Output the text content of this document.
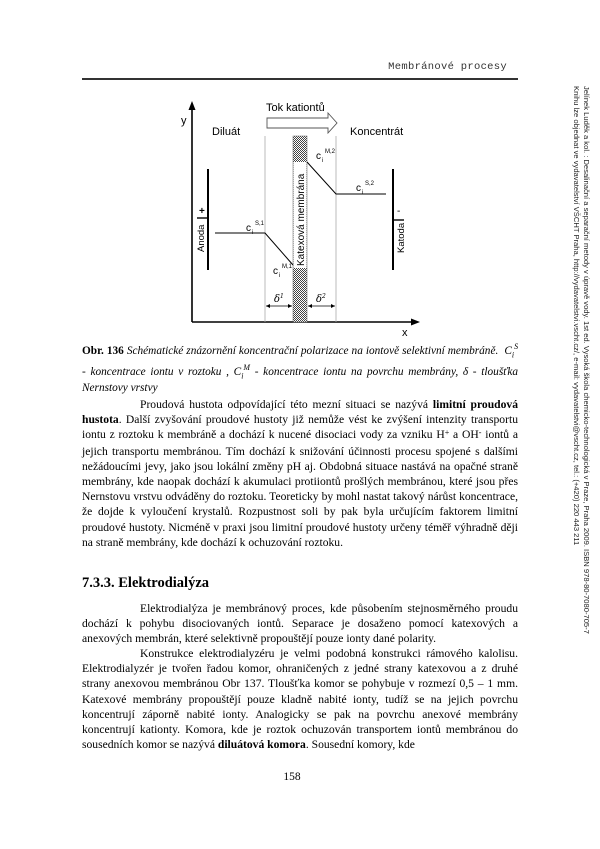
Membránové procesy
y
x
Tok kationtů
Diluát	Koncentrát
Katexová membrána
c i
S,1
c i
M,1
c i
M,2
c i
S,2
+
Anoda
-
Katoda
$\delta^1$	$\delta^2$
Obr. 136 Schématické znázornění koncentrační polarizace na iontově selektivní membráně. $C_i^S$ - koncentrace iontu v roztoku , $C_i^M$ - koncentrace iontu na povrchu membrány, δ - tloušťka Nernstovy vrstvy

Proudová hustota odpovídající této mezní situaci se nazývá limitní proudová hustota. Další zvyšování proudové hustoty již nemůže vést ke zvýšení intenzity transportu iontu z roztoku k membráně a dochází k nucené disociaci vody za vzniku H+ a OH- iontů a jejich transportu membránou. Tím dochází k snižování účinnosti procesu spojené s dalšími nežádoucími jevy, jako jsou lokální změny pH aj. Obdobná situace nastává na opačné straně membrány, kde naopak dochází k akumulaci protiiontů prošlých membránou, které jsou přes Nernstovu vrstvu odváděny do roztoku. Teoreticky by mohl nastat takový nárůst koncentrace, že dojde k vyloučení krystalů. Rozpustnost soli by pak byla určujícím faktorem limitní proudové hustoty. Nicméně v praxi jsou limitní proudové hustoty určeny téměř výhradně ději na straně membrány, kde dochází k ochuzování roztoku.

7.3.3. Elektrodialýza

Elektrodialýza je membránový proces, kde působením stejnosměrného proudu dochází k pohybu disociovaných iontů. Separace je dosaženo pomocí katexových a anexových membrán, které selektivně propouštějí pouze ionty dané polarity.

Konstrukce elektrodialyzéru je velmi podobná konstrukci rámového kalolisu. Elektrodialyzér je tvořen řadou komor, ohraničených z jedné strany katexovou a z druhé strany anexovou membránou Obr 137. Tloušťka komor se pohybuje v rozmezí 0,5 – 1 mm. Katexové membrány propouštějí pouze kladně nabité ionty, tudíž se na jejich povrchu koncentrují záporně nabité ionty. Analogicky se pak na povrchu anexové membrány koncentrují kationty. Komora, kde je roztok ochuzován transportem iontů membránou do sousedních komor se nazývá diluátová komora. Sousední komory, kde

158
Jelínek Luděk a kol. : Desalinační a separační metody v úpravě vody. 1st ed. Vysoká škola chemicko-technologická v Praze, Praha 2009. ISBN 978-80-7080-705-7
Knihu lze objednat ve vydavatelství VŠCHT Praha, http://vydavatelstvi.vscht.cz/, e-mail: vydavatelstvi@vscht.cz, tel.: (+420) 220 443 211
